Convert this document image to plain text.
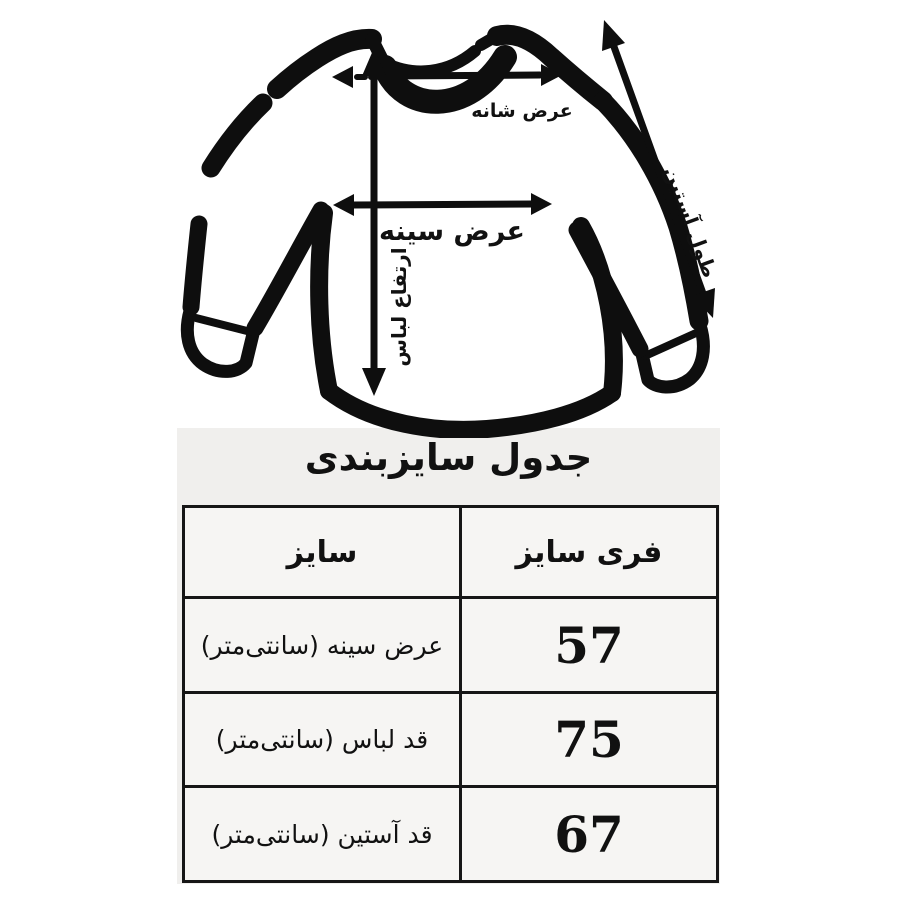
جدول سایزبندی
عرض شانه
عرض سینه
ارتفاع لباس
طول آستین
فری سایز	سایز
57	عرض سینه (سانتی‌متر)
75	قد لباس (سانتی‌متر)
67	قد آستین (سانتی‌متر)
